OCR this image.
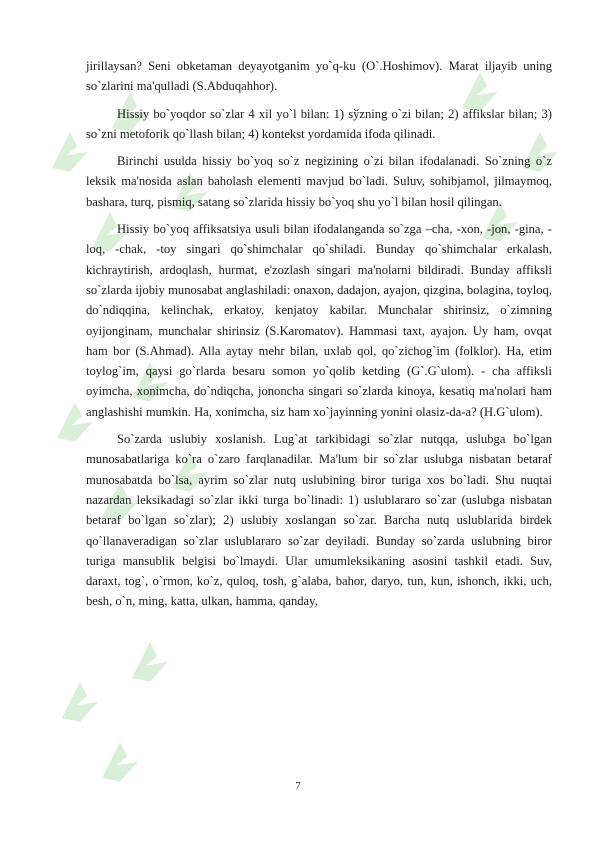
jirillaysan? Seni obketaman deyayotganim yo`q-ku (O`.Hoshimov). Marat iljayib uning so`zlarini ma'qulladi (S.Abduqahhor).

Hissiy bo`yoqdor so`zlar 4 xil yo`l bilan: 1) sўzning o`zi bilan; 2) affikslar bilan; 3) so`zni metoforik qo`llash bilan; 4) kontekst yordamida ifoda qilinadi.

Birinchi usulda hissiy bo`yoq so`z negizining o`zi bilan ifodalanadi. So`zning o`z leksik ma'nosida aslan baholash elementi mavjud bo`ladi. Suluv, sohibjamol, jilmaymoq, bashara, turq, pismiq, satang so`zlarida hissiy bo`yoq shu yo`l bilan hosil qilingan.

Hissiy bo`yoq affiksatsiya usuli bilan ifodalanganda so`zga –cha, -xon, -jon, -gina, -loq, -chak, -toy singari qo`shimchalar qo`shiladi. Bunday qo`shimchalar erkalash, kichraytirish, ardoqlash, hurmat, e'zozlash singari ma'nolarni bildiradi. Bunday affiksli so`zlarda ijobiy munosabat anglashiladi: onaxon, dadajon, ayajon, qizgina, bolagina, toyloq, do`ndiqqina, kelinchak, erkatoy, kenjatoy kabilar. Munchalar shirinsiz, o`zimning oyijonginam, munchalar shirinsiz (S.Karomatov). Hammasi taxt, ayajon. Uy ham, ovqat ham bor (S.Ahmad). Alla aytay mehr bilan, uxlab qol, qo`zichog`im (folklor). Ha, etim toylog`im, qaysi go`rlarda besaru somon yo`qolib ketding (G`.G`ulom). - cha affiksli oyimcha, xonimcha, do`ndiqcha, jononcha singari so`zlarda kinoya, kesatiq ma'nolari ham anglashishi mumkin. Ha, xonimcha, siz ham xo`jayinning yonini olasiz-da-a? (H.G`ulom).

So`zarda uslubiy xoslanish. Lug`at tarkibidagi so`zlar nutqqa, uslubga bo`lgan munosabatlariga ko`ra o`zaro farqlanadilar. Ma'lum bir so`zlar uslubga nisbatan betaraf munosabatda bo`lsa, ayrim so`zlar nutq uslubining biror turiga xos bo`ladi. Shu nuqtai nazardan leksikadagi so`zlar ikki turga bo`linadi: 1) uslublararo so`zar (uslubga nisbatan betaraf bo`lgan so`zlar); 2) uslubiy xoslangan so`zar. Barcha nutq uslublarida birdek qo`llanaveradigan so`zlar uslublararo so`zar deyiladi. Bunday so`zarda uslubning biror turiga mansublik belgisi bo`lmaydi. Ular umumleksikaning asosini tashkil etadi. Suv, daraxt, tog`, o`rmon, ko`z, quloq, tosh, g`alaba, bahor, daryo, tun, kun, ishonch, ikki, uch, besh, o`n, ming, katta, ulkan, hamma, qanday,

7
